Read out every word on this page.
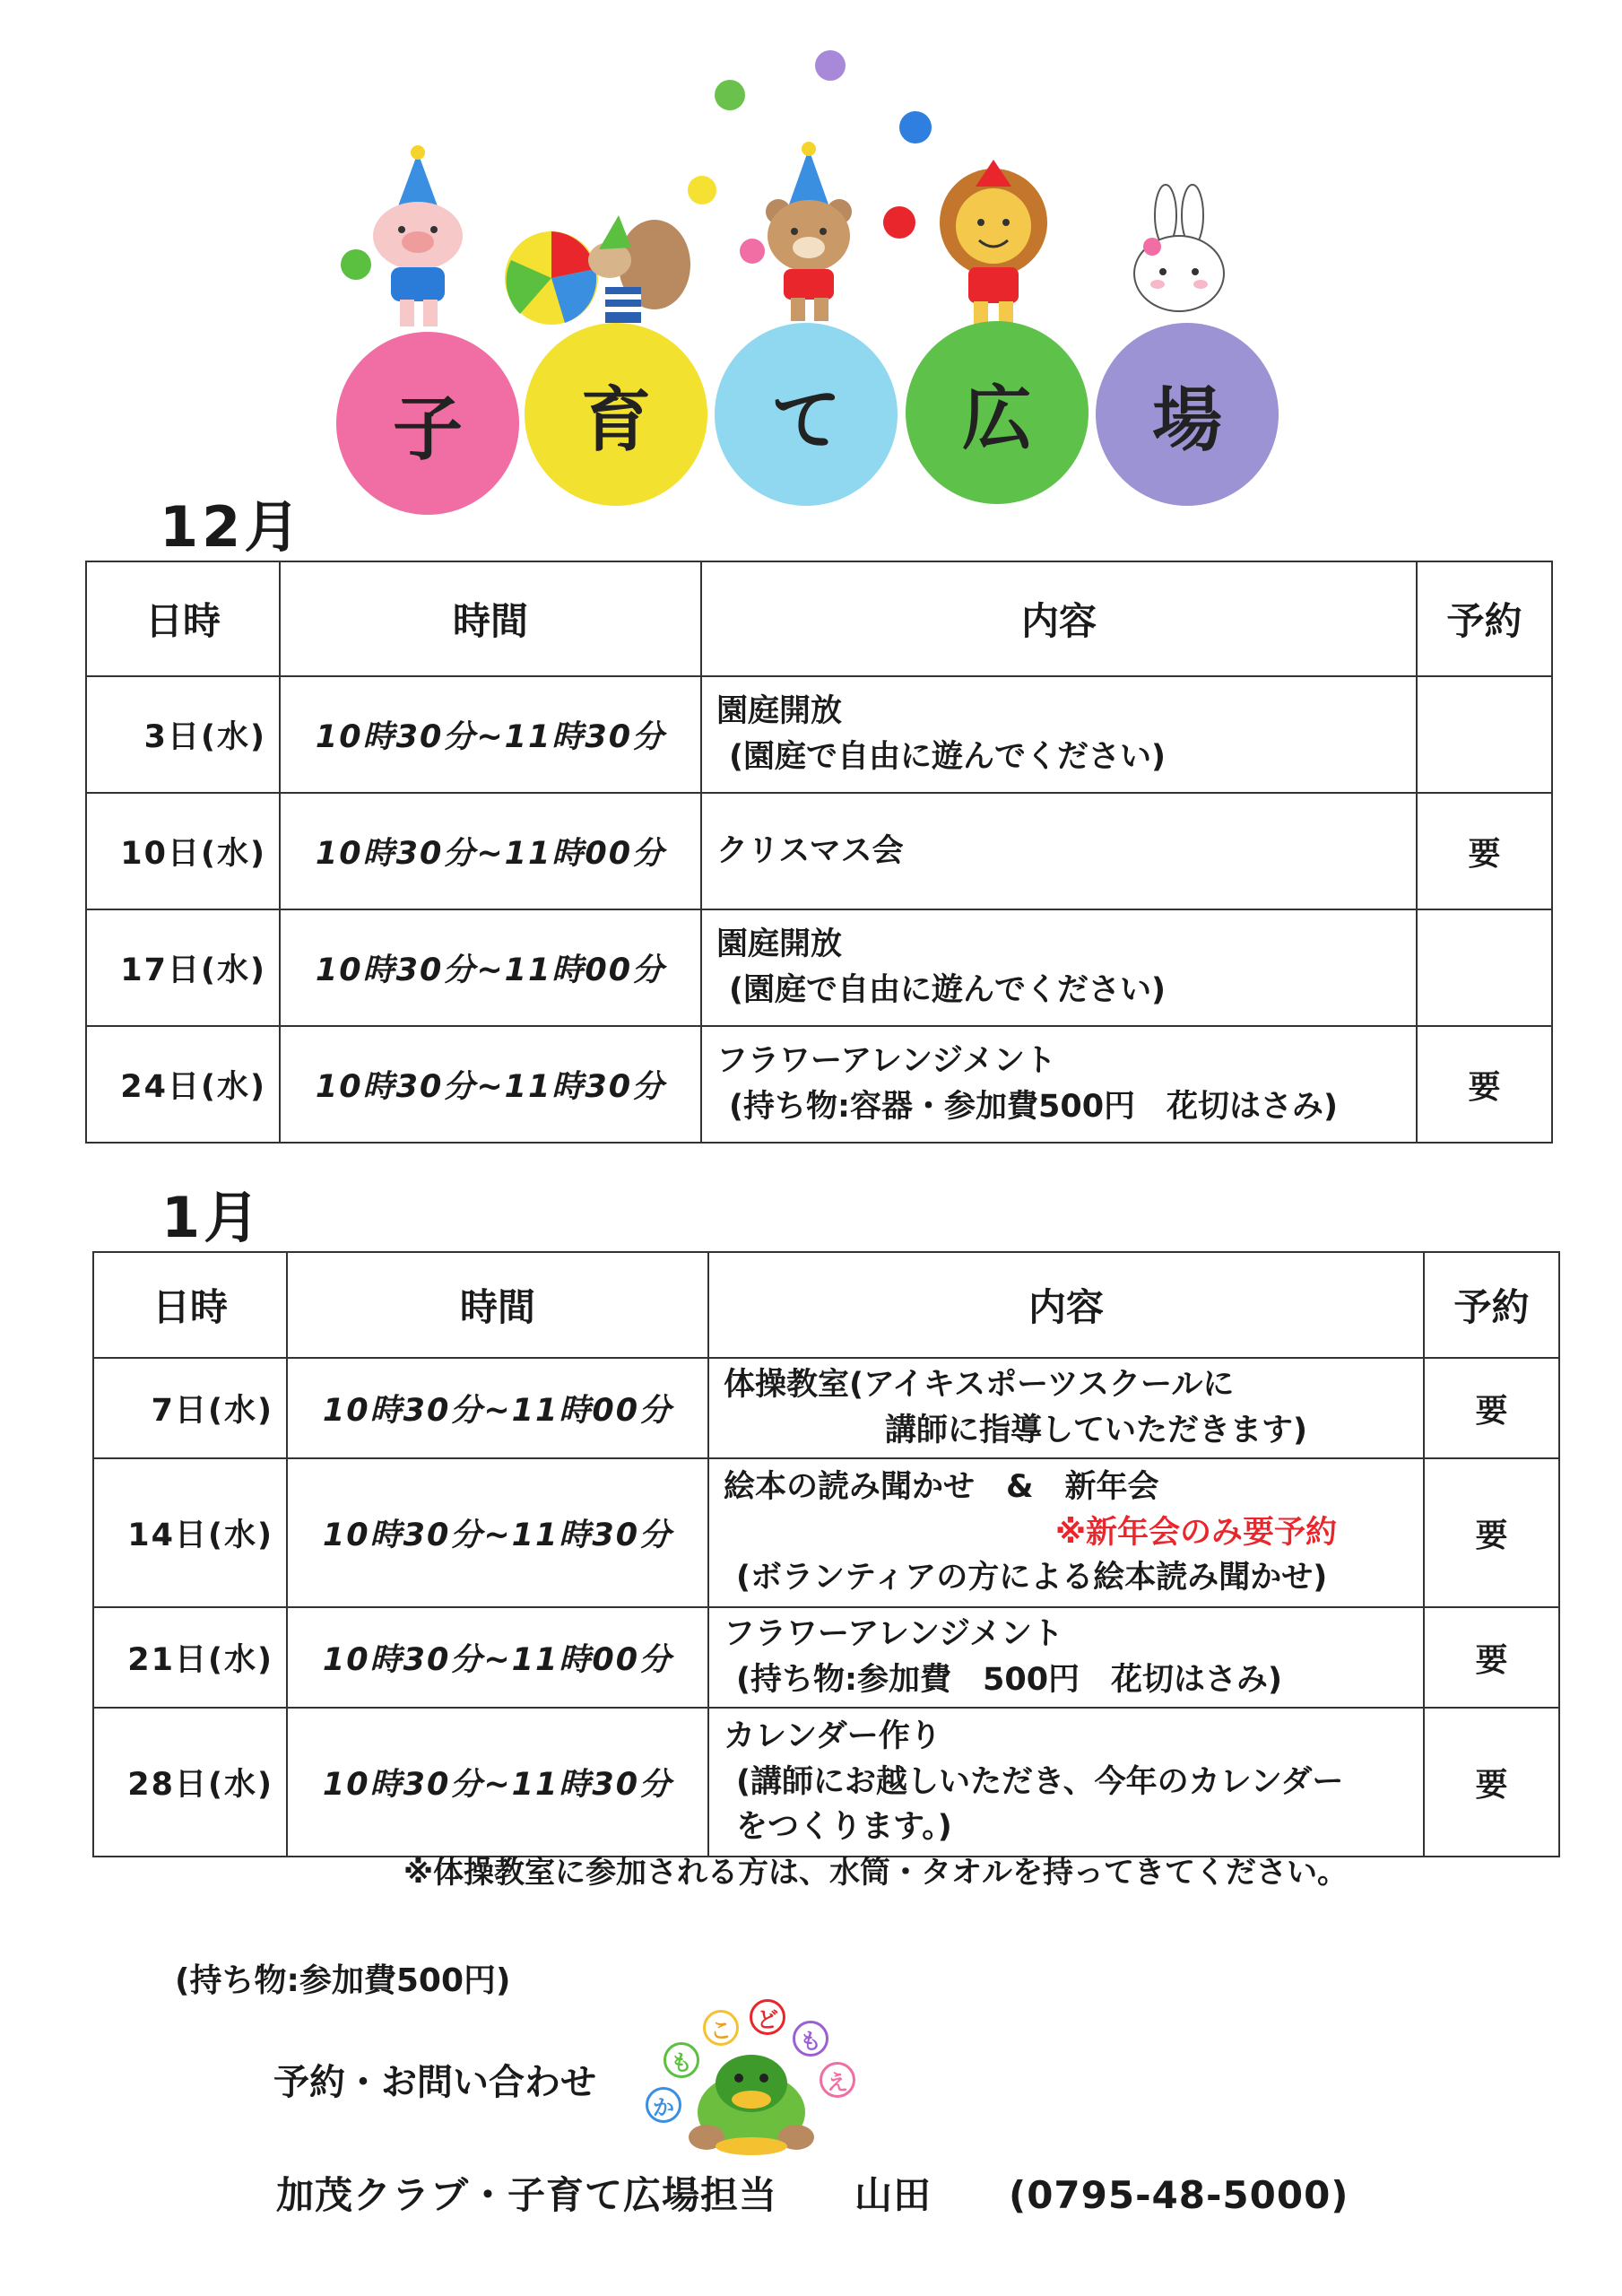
子	育	て	広	場
12月
日時	時間	内容	予約
3日(水)	10時30分~11時30分	園庭開放
(園庭で自由に遊んでください)	

10日(水)	10時30分~11時00分	クリスマス会	要
17日(水)	10時30分~11時00分	園庭開放
(園庭で自由に遊んでください)	

24日(水)	10時30分~11時30分	フラワーアレンジメント
(持ち物:容器・参加費500円　花切はさみ)	要
1月
日時	時間	内容	予約
7日(水)	10時30分~11時00分	体操教室(アイキスポーツスクールに
講師に指導していただきます)	要
14日(水)	10時30分~11時30分	絵本の読み聞かせ　&　新年会
※新年会のみ要予約
(ボランティアの方による絵本読み聞かせ)	要
21日(水)	10時30分~11時00分	フラワーアレンジメント
(持ち物:参加費　500円　花切はさみ)	要
28日(水)	10時30分~11時30分	カレンダー作り
(講師にお越しいただき、今年のカレンダー
をつくります。)	要
※体操教室に参加される方は、水筒・タオルを持ってきてください。
(持ち物:参加費500円)
予約・お問い合わせ
か
も
こ	ど
も
え
加茂クラブ・子育て広場担当　　山田　　(0795-48-5000)
